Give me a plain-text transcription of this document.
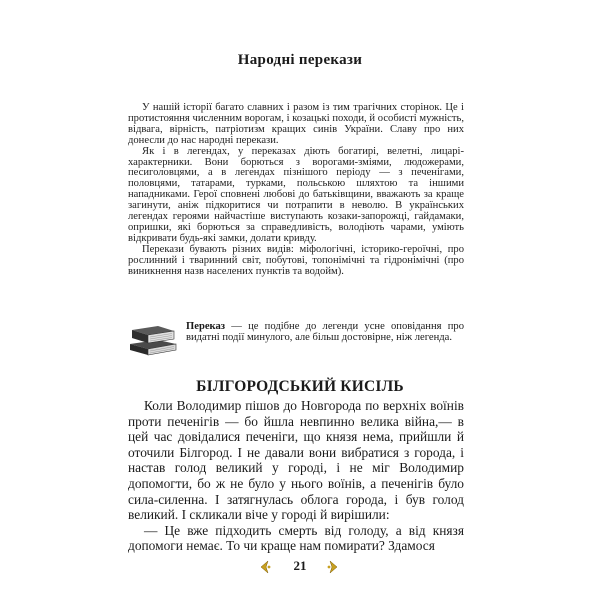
Народні перекази

У нашій історії багато славних і разом із тим трагічних сторінок. Це і протистояння численним ворогам, і козацькі походи, й особисті мужність, відвага, вірність, патріотизм кращих синів України. Славу про них донесли до нас народні перекази.

Як і в легендах, у переказах діють богатирі, велетні, лицарі-характерники. Вони борються з ворогами-зміями, людожерами, песиголовцями, а в легендах пізнішого періоду — з печенігами, половцями, татарами, турками, польською шляхтою та іншими нападниками. Герої сповнені любові до батьківщини, вважають за краще загинути, аніж підкоритися чи потрапити в неволю. В українських легендах героями найчастіше виступають козаки-запорожці, гайдамаки, опришки, які борються за справедливість, володіють чарами, уміють відкривати будь-які замки, долати кривду.

Перекази бувають різних видів: міфологічні, історико-героїчні, про рослинний і тваринний світ, побутові, топонімічні та гідронімічні (про виникнення назв населених пунктів та водойм).

Переказ — це подібне до легенди усне оповідання про видатні події минулого, але більш достовірне, ніж легенда.
БІЛГОРОДСЬКИЙ КИСІЛЬ

Коли Володимир пішов до Новгорода по верхніх воїнів проти печенігів — бо йшла невпинно велика війна,— в цей час довідалися печеніги, що князя нема, прийшли й оточили Білгород. І не давали вони вибратися з города, і настав голод великий у городі, і не міг Володимир допомогти, бо ж не було у нього воїнів, а печенігів було сила-силенна. І затягнулась облога города, і був голод великий. І скликали віче у городі й вирішили:

— Це вже підходить смерть від голоду, а від князя допомоги немає. То чи краще нам помирати? Здамося

21
